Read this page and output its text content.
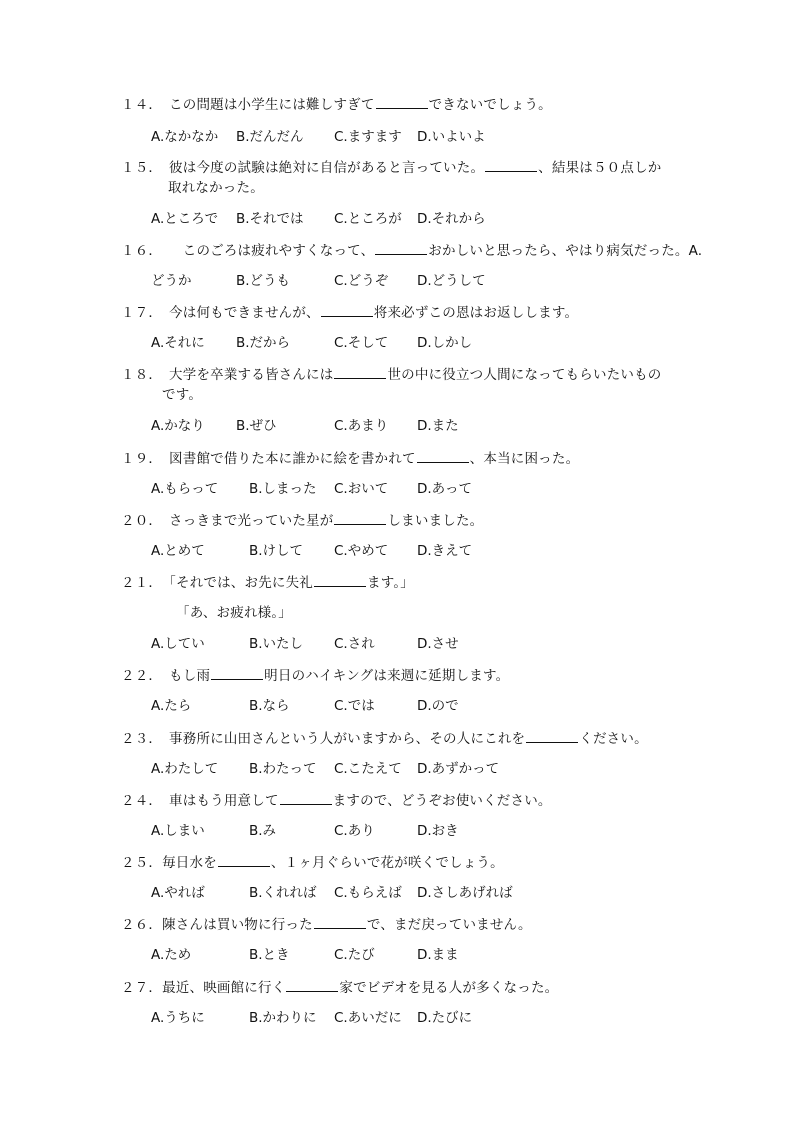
１４．　この問題は小学生には難しすぎて	できないでしょう。
A.なかなか B.だんだん C.ますます D.いよいよ
１５．　彼は今度の試験は絶対に自信があると言っていた。	、結果は５０点しか
取れなかった。
A.ところで B.それでは C.ところが D.それから
１６．　　このごろは疲れやすくなって、	おかしいと思ったら、やはり病気だった。A.
どうか	B.どうも	C.どうぞ D.どうして
１７．　今は何もできませんが、	将来必ずこの恩はお返しします。
A.それに B.だから	C.そして D.しかし
１８．　大学を卒業する皆さんには	世の中に役立つ人間になってもらいたいもの
です。
A.かなり B.ぜひ	C.あまり D.また
１９．　図書館で借りた本に誰かに絵を書かれて	、本当に困った。
A.もらって B.しまった C.おいて D.あって
２０．　さっきまで光っていた星が	しまいました。
A.とめて	B.けして C.やめて D.きえて
２１．　「それでは、お先に失礼	ます。」
「あ、お疲れ様。」
A.してい	B.いたし C.され	D.させ
２２．　もし雨	明日のハイキングは来週に延期します。
A.たら	B.なら	C.では	D.ので
２３．　事務所に山田さんという人がいますから、その人にこれを	ください。
A.わたして B.わたって C.こたえて D.あずかって
２４．　車はもう用意して	ますので、どうぞお使いください。
A.しまい	B.み	C.あり	D.おき
２５．毎日水を	、１ヶ月ぐらいで花が咲くでしょう。
A.やれば	B.くれれば C.もらえば D.さしあげれば
２６．陳さんは買い物に行った	で、まだ戻っていません。
A.ため	B.とき	C.たび	D.まま
２７．最近、映画館に行く	家でビデオを見る人が多くなった。
A.うちに	B.かわりに C.あいだに D.たびに
